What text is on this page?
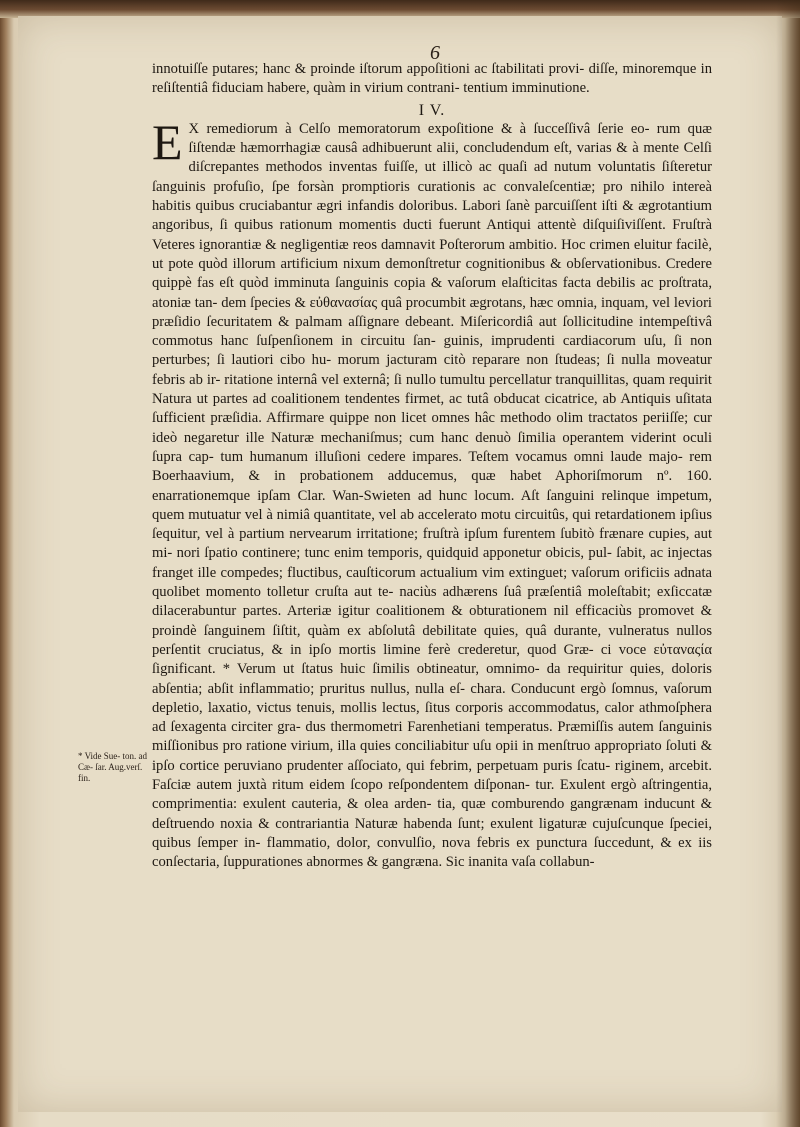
6

innotuiſſe putares; hanc & proinde iſtorum appoſitioni ac ſtabilitati provi- diſſe, minoremque in reſiſtentiâ fiduciam habere, quàm in virium contrani- tentium imminutione.

I V.

E X remediorum à Celſo memoratorum expoſitione & à ſucceſſivâ ſerie eo- rum quæ ſiſtendæ hæmorrhagiæ causâ adhibuerunt alii, concludendum eſt, varias & à mente Celſi diſcrepantes methodos inventas fuiſſe, ut illicò ac quaſi ad nutum voluntatis ſiſteretur ſanguinis profuſio, ſpe forsàn promptioris curationis ac convaleſcentiæ; pro nihilo intereà habitis quibus cruciabantur ægri infandis doloribus. Labori ſanè parcuiſſent iſti & ægrotantium angoribus, ſi quibus rationum momentis ducti fuerunt Antiqui attentè diſquiſiviſſent. Fruſtrà Veteres ignorantiæ & negligentiæ reos damnavit Poſterorum ambitio. Hoc crimen eluitur facilè, ut pote quòd illorum artificium nixum demonſtretur cognitionibus & obſervationibus. Credere quippè fas eſt quòd imminuta ſanguinis copia & vaſorum elaſticitas facta debilis ac proſtrata, atoniæ tan- dem ſpecies & εὐθανασίας quâ procumbit ægrotans, hæc omnia, inquam, vel leviori præſidio ſecuritatem & palmam aſſignare debeant. Miſericordiâ aut ſollicitudine intempeſtivâ commotus hanc ſuſpenſionem in circuitu ſan- guinis, imprudenti cardiacorum uſu, ſi non perturbes; ſi lautiori cibo hu- morum jacturam citò reparare non ſtudeas; ſi nulla moveatur febris ab ir- ritatione internâ vel externâ; ſi nullo tumultu percellatur tranquillitas, quam requirit Natura ut partes ad coalitionem tendentes firmet, ac tutâ obducat cicatrice, ab Antiquis uſitata ſufficient præſidia. Affirmare quippe non licet omnes hâc methodo olim tractatos periiſſe; cur ideò negaretur ille Naturæ mechaniſmus; cum hanc denuò ſimilia operantem viderint oculi ſupra cap- tum humanum illuſioni cedere impares. Teſtem vocamus omni laude majo- rem Boerhaavium, & in probationem adducemus, quæ habet Aphoriſmorum nº. 160. enarrationemque ipſam Clar. Wan-Swieten ad hunc locum. Aſt ſanguini relinque impetum, quem mutuatur vel à nimiâ quantitate, vel ab accelerato motu circuitûs, qui retardationem ipſius ſequitur, vel à partium nervearum irritatione; fruſtrà ipſum furentem ſubitò frænare cupies, aut mi- nori ſpatio continere; tunc enim temporis, quidquid apponetur obicis, pul- ſabit, ac injectas franget ille compedes; fluctibus, cauſticorum actualium vim extinguet; vaſorum orificiis adnata quolibet momento tolletur cruſta aut te- naciùs adhærens ſuâ præſentiâ moleſtabit; exſiccatæ dilacerabuntur partes. Arteriæ igitur coalitionem & obturationem nil efficaciùs promovet & proindè ſanguinem ſiſtit, quàm ex abſolutâ debilitate quies, quâ durante, vulneratus nullos perſentit cruciatus, & in ipſo mortis limine ferè crederetur, quod Græ- ci voce εὐταναςία ſignificant. * Verum ut ſtatus huic ſimilis obtineatur, omnimo- da requiritur quies, doloris abſentia; abſit inflammatio; pruritus nullus, nulla eſ- chara. Conducunt ergò ſomnus, vaſorum depletio, laxatio, victus tenuis, mollis lectus, ſitus corporis accommodatus, calor athmoſphera ad ſexagenta circiter gra- dus thermometri Farenhetiani temperatus. Præmiſſis autem ſanguinis miſſionibus pro ratione virium, illa quies conciliabitur uſu opii in menſtruo appropriato ſoluti & ipſo cortice peruviano prudenter aſſociato, qui febrim, perpetuam puris ſcatu- riginem, arcebit. Faſciæ autem juxtà ritum eidem ſcopo reſpondentem diſponan- tur. Exulent ergò aſtringentia, comprimentia: exulent cauteria, & olea arden- tia, quæ comburendo gangrænam inducunt & deſtruendo noxia & contrariantia Naturæ habenda ſunt; exulent ligaturæ cujuſcunque ſpeciei, quibus ſemper in- flammatio, dolor, convulſio, nova febris ex punctura ſuccedunt, & ex iis conſectaria, ſuppurationes abnormes & gangræna. Sic inanita vaſa collabun-

* Vide Sue- ton. ad Cæ- ſar. Aug.verſ. fin.
